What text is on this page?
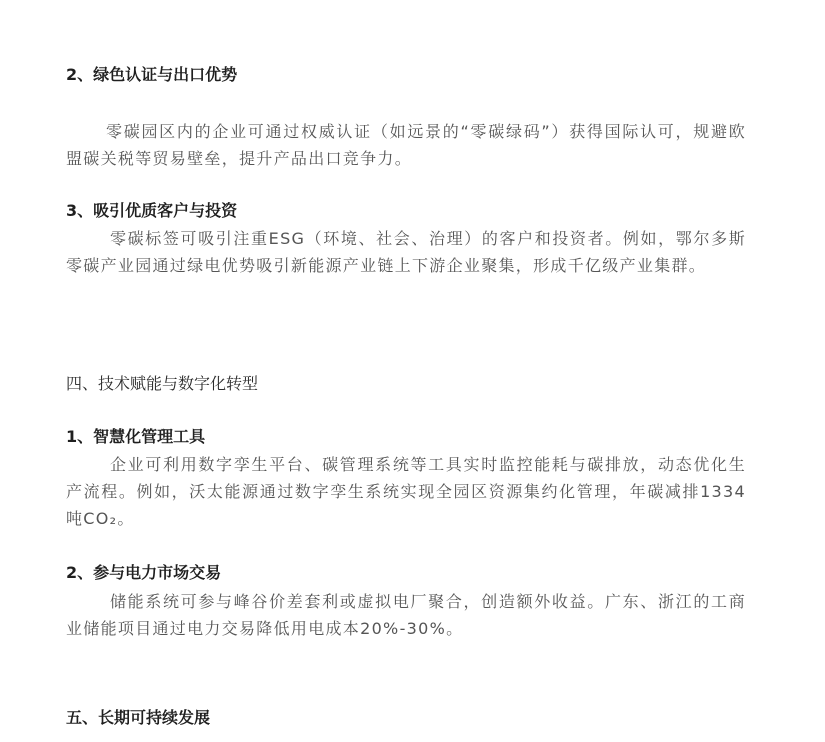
2、绿色认证与出口优势
零碳园区内的企业可通过权威认证（如远景的“零碳绿码”）获得国际认可，规避欧盟碳关税等贸易壁垒，提升产品出口竞争力。
3、吸引优质客户与投资
零碳标签可吸引注重ESG（环境、社会、治理）的客户和投资者。例如，鄂尔多斯零碳产业园通过绿电优势吸引新能源产业链上下游企业聚集，形成千亿级产业集群。
四、技术赋能与数字化转型
1、智慧化管理工具
企业可利用数字孪生平台、碳管理系统等工具实时监控能耗与碳排放，动态优化生产流程。例如，沃太能源通过数字孪生系统实现全园区资源集约化管理，年碳减排1334吨CO₂。
2、参与电力市场交易
储能系统可参与峰谷价差套利或虚拟电厂聚合，创造额外收益。广东、浙江的工商业储能项目通过电力交易降低用电成本20%-30%。
五、长期可持续发展
